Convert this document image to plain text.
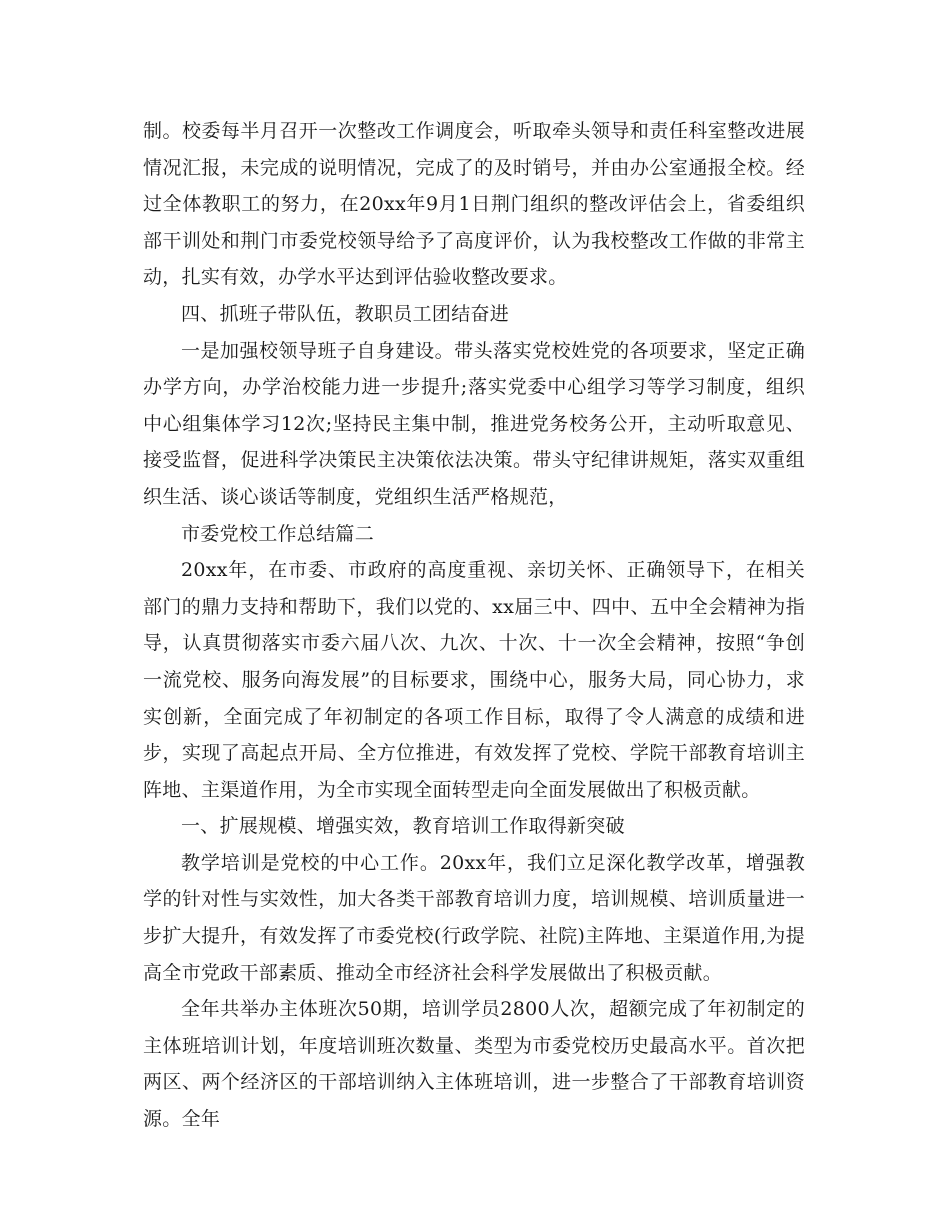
制。校委每半月召开一次整改工作调度会，听取牵头领导和责任科室整改进展情况汇报，未完成的说明情况，完成了的及时销号，并由办公室通报全校。经过全体教职工的努力，在20xx年9月1日荆门组织的整改评估会上，省委组织部干训处和荆门市委党校领导给予了高度评价，认为我校整改工作做的非常主动，扎实有效，办学水平达到评估验收整改要求。

四、抓班子带队伍，教职员工团结奋进

一是加强校领导班子自身建设。带头落实党校姓党的各项要求，坚定正确办学方向，办学治校能力进一步提升;落实党委中心组学习等学习制度，组织中心组集体学习12次;坚持民主集中制，推进党务校务公开，主动听取意见、接受监督，促进科学决策民主决策依法决策。带头守纪律讲规矩，落实双重组织生活、谈心谈话等制度，党组织生活严格规范，

市委党校工作总结篇二

20xx年，在市委、市政府的高度重视、亲切关怀、正确领导下，在相关部门的鼎力支持和帮助下，我们以党的、xx届三中、四中、五中全会精神为指导，认真贯彻落实市委六届八次、九次、十次、十一次全会精神，按照“争创一流党校、服务向海发展”的目标要求，围绕中心，服务大局，同心协力，求实创新，全面完成了年初制定的各项工作目标，取得了令人满意的成绩和进步，实现了高起点开局、全方位推进，有效发挥了党校、学院干部教育培训主阵地、主渠道作用，为全市实现全面转型走向全面发展做出了积极贡献。

一、扩展规模、增强实效，教育培训工作取得新突破

教学培训是党校的中心工作。20xx年，我们立足深化教学改革，增强教学的针对性与实效性，加大各类干部教育培训力度，培训规模、培训质量进一步扩大提升，有效发挥了市委党校(行政学院、社院)主阵地、主渠道作用,为提高全市党政干部素质、推动全市经济社会科学发展做出了积极贡献。

全年共举办主体班次50期，培训学员2800人次，超额完成了年初制定的主体班培训计划，年度培训班次数量、类型为市委党校历史最高水平。首次把两区、两个经济区的干部培训纳入主体班培训，进一步整合了干部教育培训资源。全年
